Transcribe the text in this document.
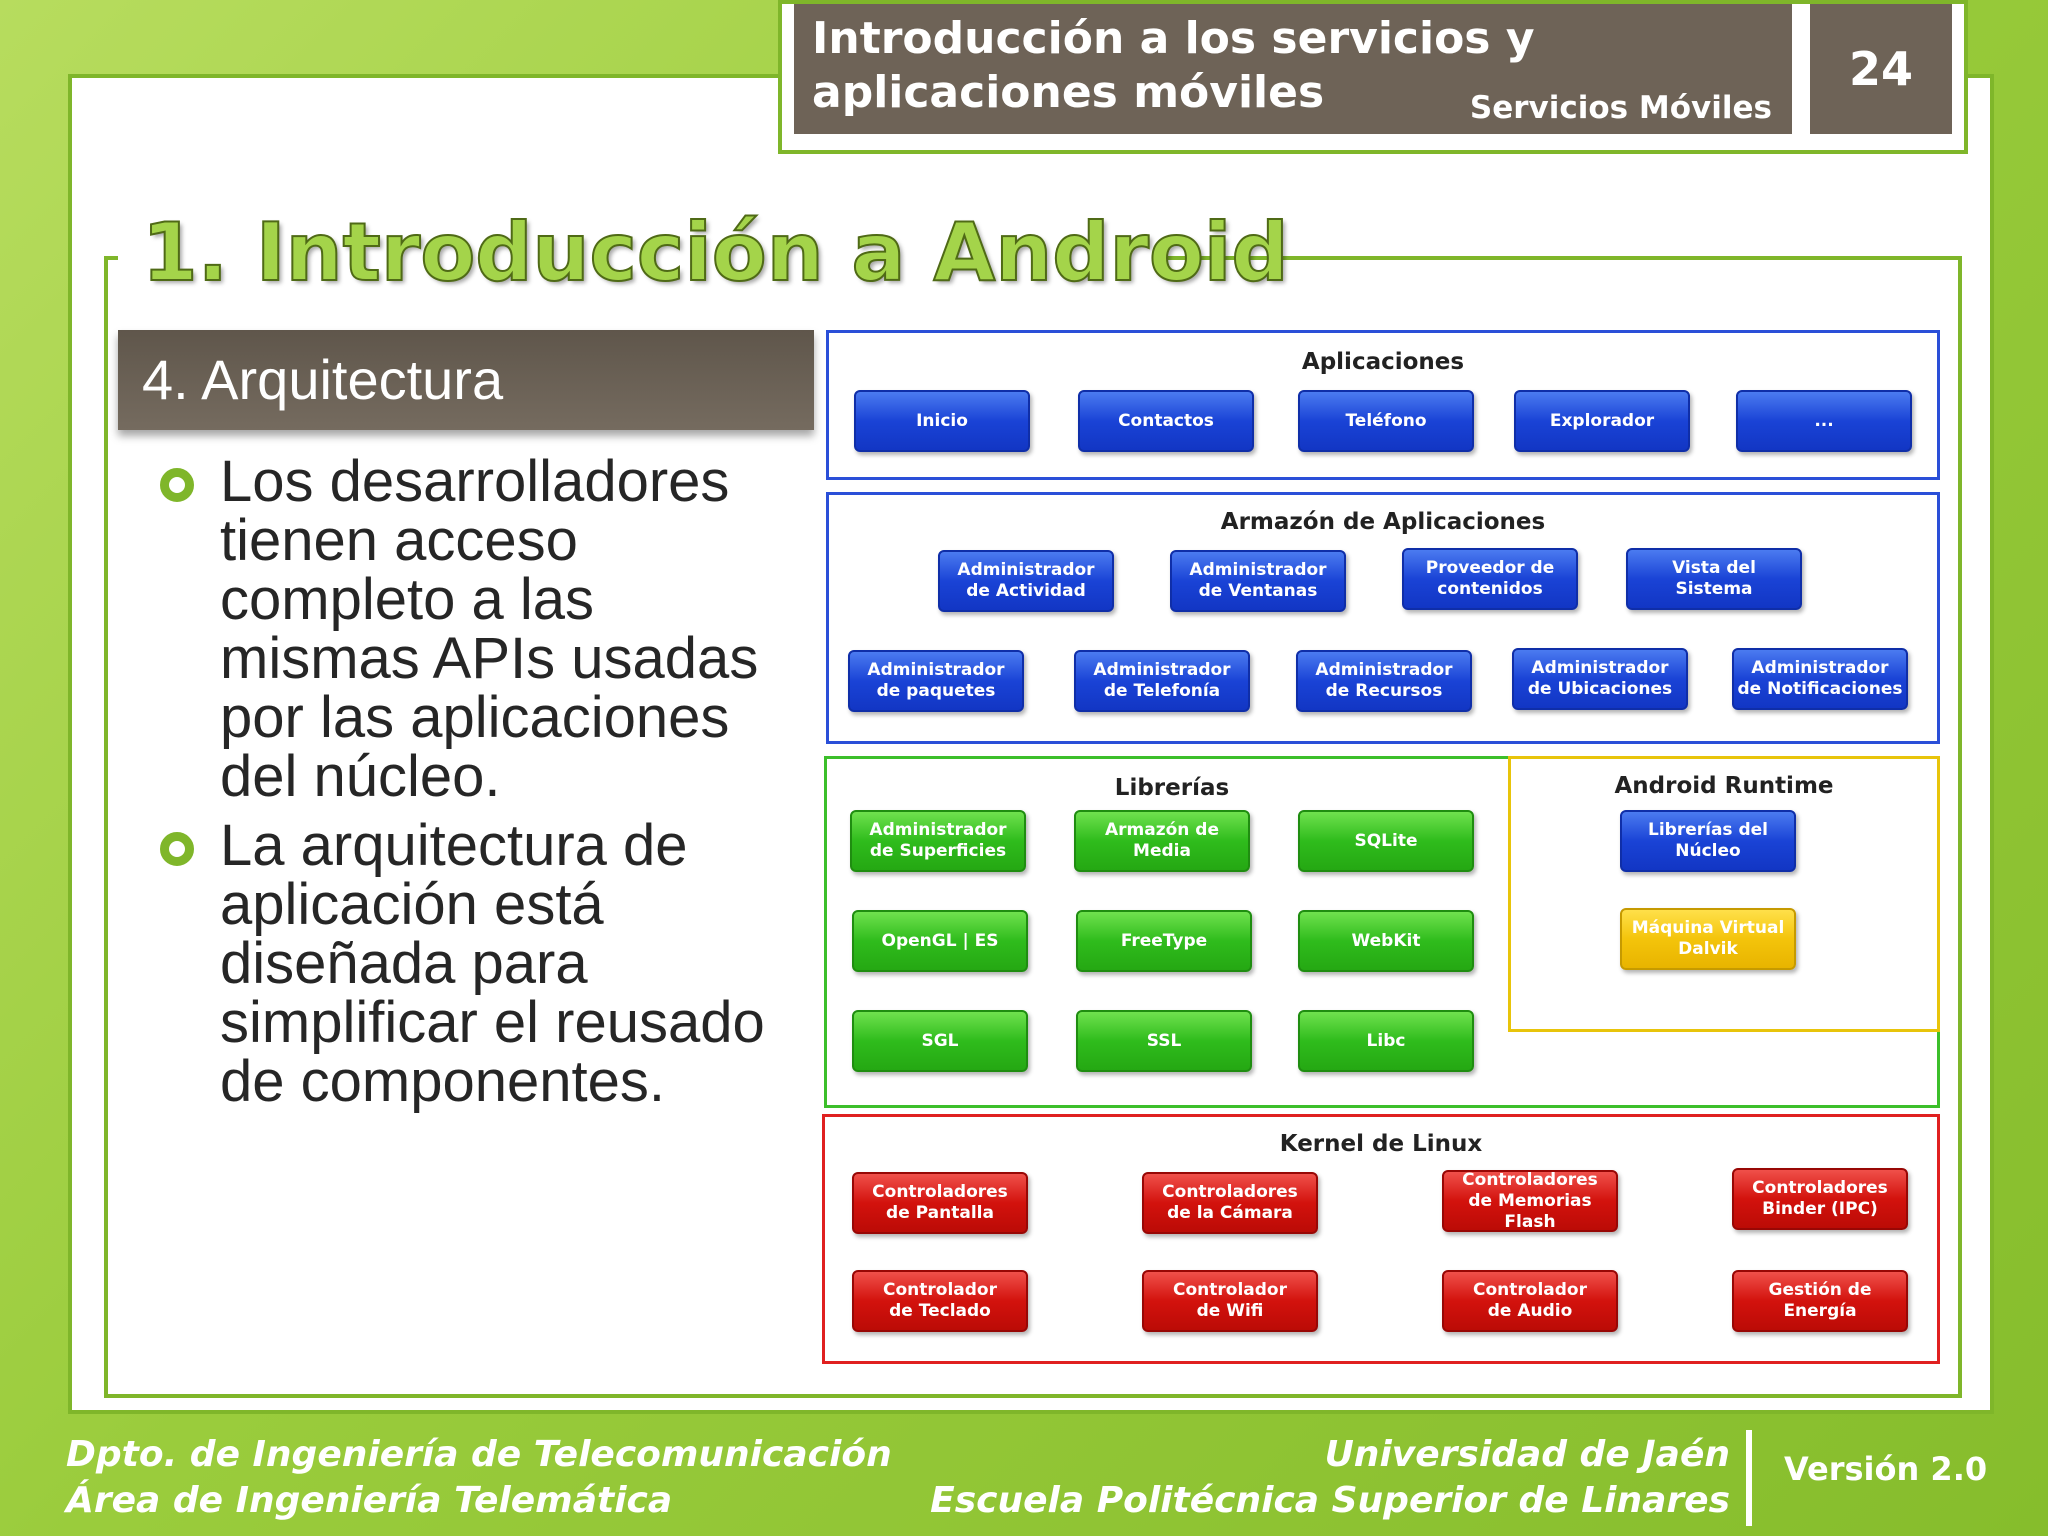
Introducción a los servicios y aplicaciones móviles	Servicios Móviles
24
1. Introducción a Android
4. Arquitectura
Los desarrolladores tienen acceso completo a las mismas APIs usadas por las aplicaciones del núcleo.
La arquitectura de aplicación está diseñada para simplificar el reusado de componentes.
Aplicaciones
Inicio	Contactos	Teléfono	Explorador	...
Armazón de Aplicaciones
Administrador
de Actividad
Administrador
de Ventanas
Proveedor de
contenidos
Vista del
Sistema
Administrador
de paquetes
Administrador
de Telefonía
Administrador
de Recursos
Administrador
de Ubicaciones
Administrador
de Notificaciones
Librerías
Administrador
de Superficies
Armazón de
Media
SQLite
OpenGL | ES	FreeType	WebKit
SGL	SSL	Libc
Android Runtime
Librerías del
Núcleo
Máquina Virtual
Dalvik
Kernel de Linux
Controladores
de Pantalla
Controladores
de la Cámara
Controladores
de Memorias Flash
Controladores
Binder (IPC)
Controlador
de Teclado
Controlador
de Wifi
Controlador
de Audio
Gestión de
Energía
Dpto. de Ingeniería de Telecomunicación
Área de Ingeniería Telemática
Universidad de Jaén
Escuela Politécnica Superior de Linares
Versión 2.0
